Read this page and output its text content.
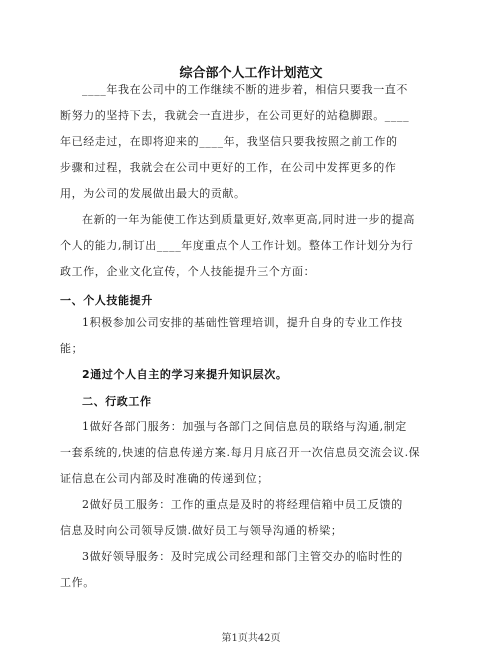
综合部个人工作计划范文
____年我在公司中的工作继续不断的进步着，相信只要我一直不
断努力的坚持下去，我就会一直进步，在公司更好的站稳脚跟。____
年已经走过，在即将迎来的____年，我坚信只要我按照之前工作的
步骤和过程，我就会在公司中更好的工作，在公司中发挥更多的作
用，为公司的发展做出最大的贡献。
在新的一年为能使工作达到质量更好,效率更高,同时进一步的提高
个人的能力,制订出____年度重点个人工作计划。整体工作计划分为行
政工作，企业文化宣传，个人技能提升三个方面：
一、个人技能提升
1积极参加公司安排的基础性管理培训，提升自身的专业工作技
能；
2通过个人自主的学习来提升知识层次。
二、行政工作
1做好各部门服务：加强与各部门之间信息员的联络与沟通,制定
一套系统的,快速的信息传递方案.每月月底召开一次信息员交流会议.保
证信息在公司内部及时准确的传递到位；
2做好员工服务：工作的重点是及时的将经理信箱中员工反馈的
信息及时向公司领导反馈.做好员工与领导沟通的桥梁；
3做好领导服务：及时完成公司经理和部门主管交办的临时性的
工作。
第1页共42页
